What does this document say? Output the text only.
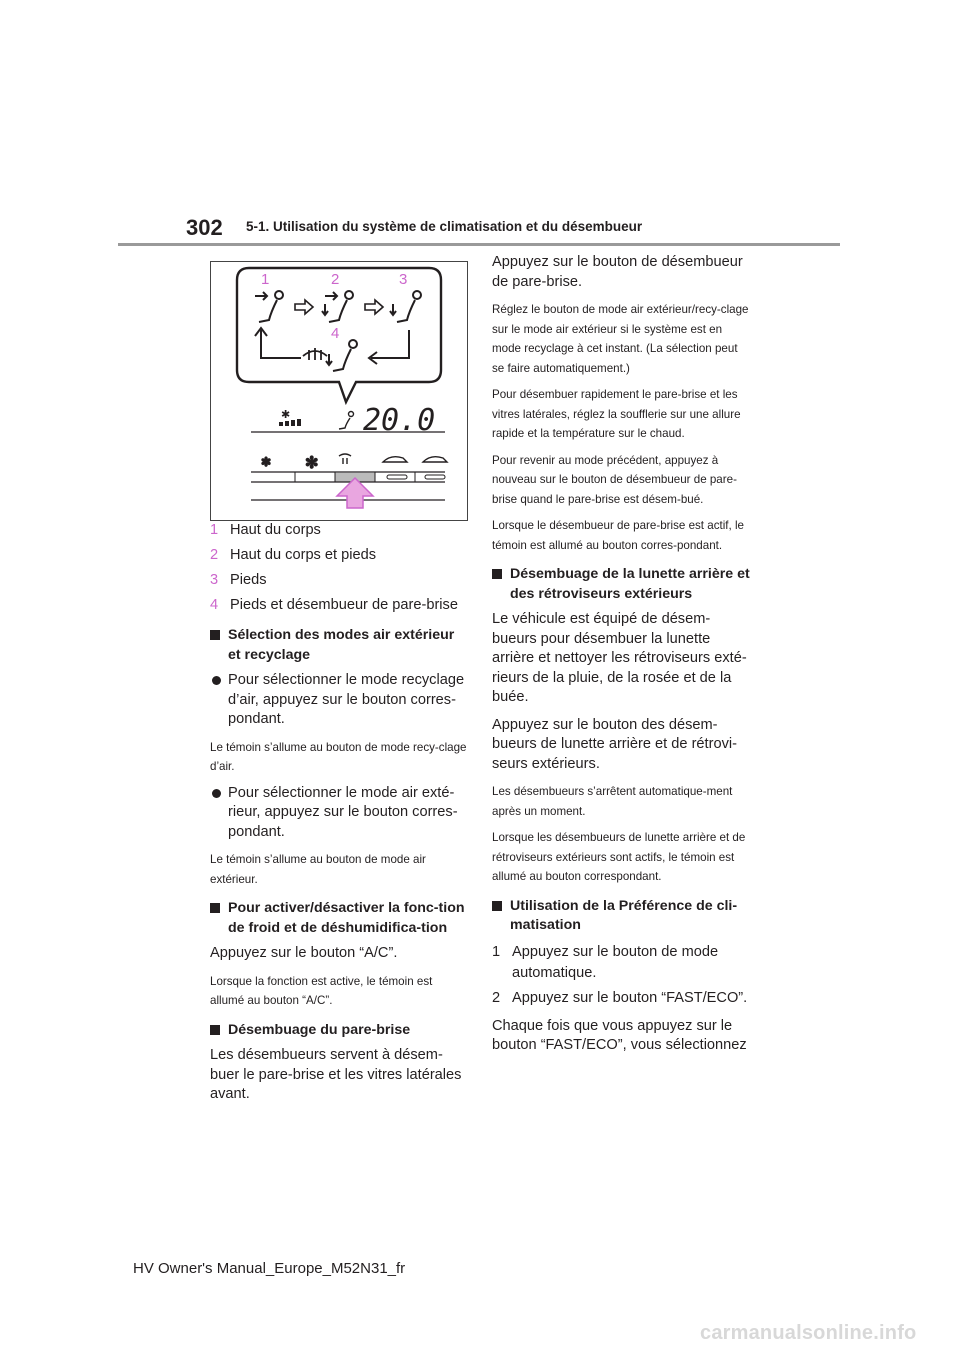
302 5-1. Utilisation du système de climatisation et du désembueur
1	2	3
4
✱ 20.0
✻ ✻
1 Haut du corps
2 Haut du corps et pieds
3 Pieds
4 Pieds et désembueur de pare-brise
Sélection des modes air extérieur et recyclage
Pour sélectionner le mode recyclage d’air, appuyez sur le bouton corres-pondant.
Le témoin s’allume au bouton de mode recy-clage d’air.
Pour sélectionner le mode air exté-rieur, appuyez sur le bouton corres-pondant.
Le témoin s’allume au bouton de mode air extérieur.
Pour activer/désactiver la fonc-tion de froid et de déshumidifica-tion
Appuyez sur le bouton “A/C”.
Lorsque la fonction est active, le témoin est allumé au bouton “A/C”.
Désembuage du pare-brise
Les désembueurs servent à désem-buer le pare-brise et les vitres latérales avant.
Appuyez sur le bouton de désembueur de pare-brise.
Réglez le bouton de mode air extérieur/recy-clage sur le mode air extérieur si le système est en mode recyclage à cet instant. (La sélection peut se faire automatiquement.)
Pour désembuer rapidement le pare-brise et les vitres latérales, réglez la soufflerie sur une allure rapide et la température sur le chaud.
Pour revenir au mode précédent, appuyez à nouveau sur le bouton de désembueur de pare-brise quand le pare-brise est désem-bué.
Lorsque le désembueur de pare-brise est actif, le témoin est allumé au bouton corres-pondant.
Désembuage de la lunette arrière et des rétroviseurs extérieurs
Le véhicule est équipé de désem-bueurs pour désembuer la lunette arrière et nettoyer les rétroviseurs exté-rieurs de la pluie, de la rosée et de la buée.
Appuyez sur le bouton des désem-bueurs de lunette arrière et de rétrovi-seurs extérieurs.
Les désembueurs s’arrêtent automatique-ment après un moment.
Lorsque les désembueurs de lunette arrière et de rétroviseurs extérieurs sont actifs, le témoin est allumé au bouton correspondant.
Utilisation de la Préférence de cli-matisation
1 Appuyez sur le bouton de mode automatique.
2 Appuyez sur le bouton “FAST/ECO”.
Chaque fois que vous appuyez sur le bouton “FAST/ECO”, vous sélectionnez
HV Owner's Manual_Europe_M52N31_fr
carmanualsonline.info
